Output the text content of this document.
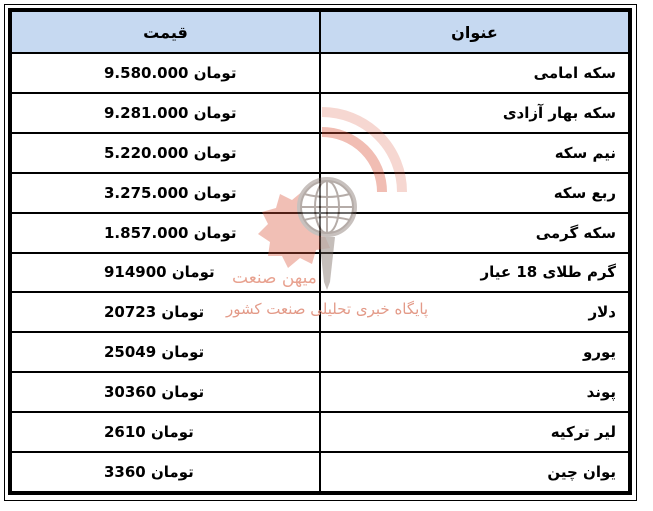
عنوان	قیمت
سکه امامی	تومان 9.580.000
سکه بهار آزادی	تومان 9.281.000
نیم سکه	تومان 5.220.000
ربع سکه	تومان 3.275.000
سکه گرمی	تومان 1.857.000
گرم طلای 18 عیار	تومان 914900
دلار	تومان 20723
یورو	تومان 25049
پوند	تومان 30360
لیر ترکیه	تومان 2610
یوان چین	تومان 3360
میهن صنعت
پایگاه خبری تحلیلی صنعت کشور
